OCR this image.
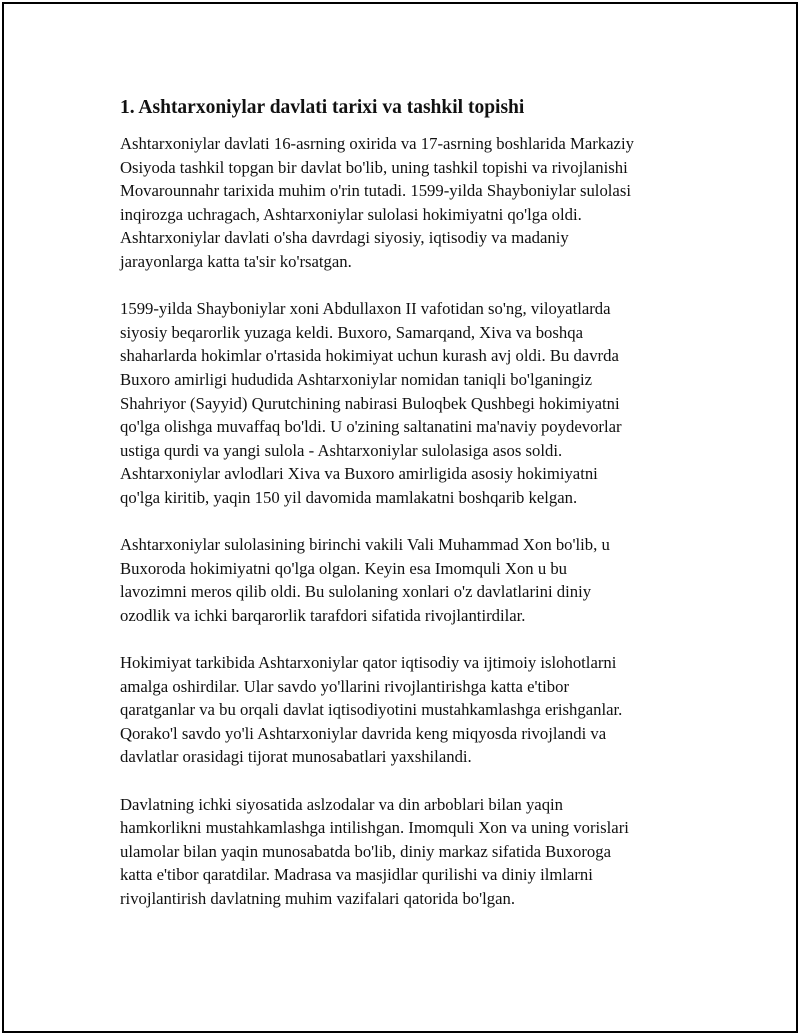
1. Ashtarxoniylar davlati tarixi va tashkil topishi

Ashtarxoniylar davlati 16-asrning oxirida va 17-asrning boshlarida Markaziy
Osiyoda tashkil topgan bir davlat bo'lib, uning tashkil topishi va rivojlanishi
Movarounnahr tarixida muhim o'rin tutadi. 1599-yilda Shayboniylar sulolasi
inqirozga uchragach, Ashtarxoniylar sulolasi hokimiyatni qo'lga oldi.
Ashtarxoniylar davlati o'sha davrdagi siyosiy, iqtisodiy va madaniy
jarayonlarga katta ta'sir ko'rsatgan.

1599-yilda Shayboniylar xoni Abdullaxon II vafotidan so'ng, viloyatlarda
siyosiy beqarorlik yuzaga keldi. Buxoro, Samarqand, Xiva va boshqa
shaharlarda hokimlar o'rtasida hokimiyat uchun kurash avj oldi. Bu davrda
Buxoro amirligi hududida Ashtarxoniylar nomidan taniqli bo'lganingiz
Shahriyor (Sayyid) Qurutchining nabirasi Buloqbek Qushbegi hokimiyatni
qo'lga olishga muvaffaq bo'ldi. U o'zining saltanatini ma'naviy poydevorlar
ustiga qurdi va yangi sulola - Ashtarxoniylar sulolasiga asos soldi.
Ashtarxoniylar avlodlari Xiva va Buxoro amirligida asosiy hokimiyatni
qo'lga kiritib, yaqin 150 yil davomida mamlakatni boshqarib kelgan.

Ashtarxoniylar sulolasining birinchi vakili Vali Muhammad Xon bo'lib, u
Buxoroda hokimiyatni qo'lga olgan. Keyin esa Imomquli Xon u bu
lavozimni meros qilib oldi. Bu sulolaning xonlari o'z davlatlarini diniy
ozodlik va ichki barqarorlik tarafdori sifatida rivojlantirdilar.

Hokimiyat tarkibida Ashtarxoniylar qator iqtisodiy va ijtimoiy islohotlarni
amalga oshirdilar. Ular savdo yo'llarini rivojlantirishga katta e'tibor
qaratganlar va bu orqali davlat iqtisodiyotini mustahkamlashga erishganlar.
Qorako'l savdo yo'li Ashtarxoniylar davrida keng miqyosda rivojlandi va
davlatlar orasidagi tijorat munosabatlari yaxshilandi.

Davlatning ichki siyosatida aslzodalar va din arboblari bilan yaqin
hamkorlikni mustahkamlashga intilishgan. Imomquli Xon va uning vorislari
ulamolar bilan yaqin munosabatda bo'lib, diniy markaz sifatida Buxoroga
katta e'tibor qaratdilar. Madrasa va masjidlar qurilishi va diniy ilmlarni
rivojlantirish davlatning muhim vazifalari qatorida bo'lgan.
